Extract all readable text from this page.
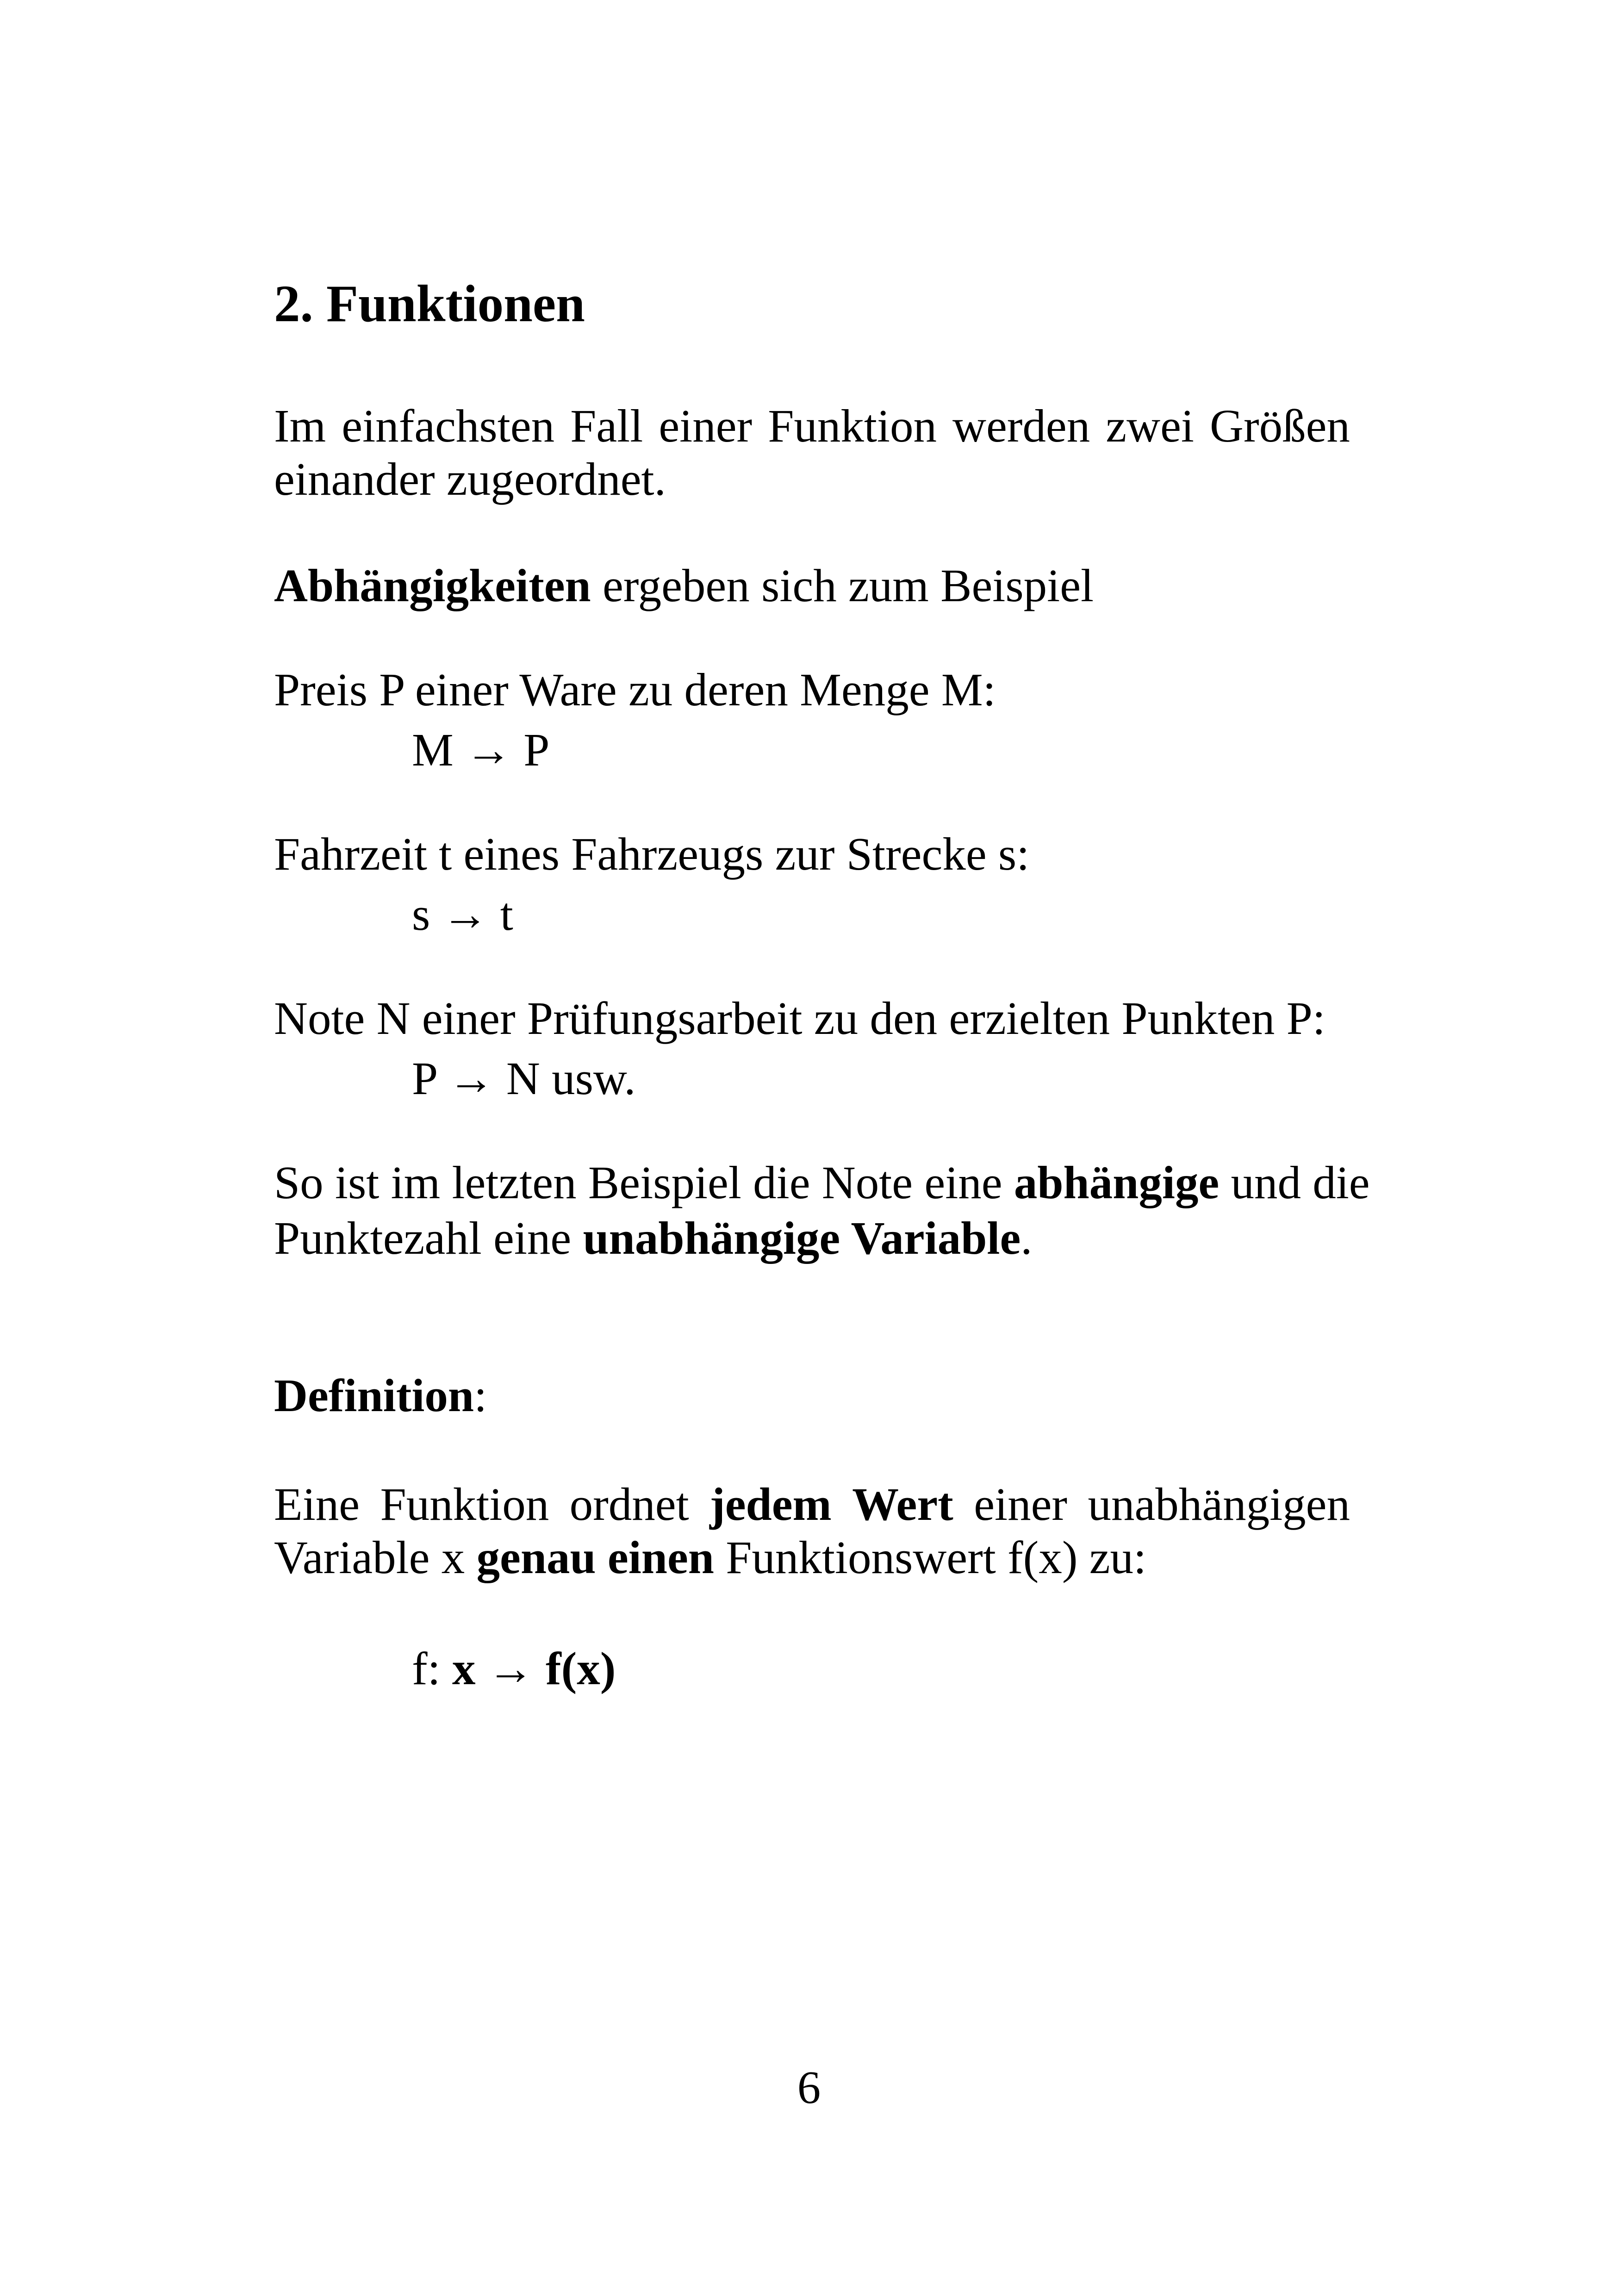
2. Funktionen
Im einfachsten Fall einer Funktion werden zwei Größen
einander zugeordnet.
Abhängigkeiten ergeben sich zum Beispiel
Preis P einer Ware zu deren Menge M:
M → P
Fahrzeit t eines Fahrzeugs zur Strecke s:
s → t
Note N einer Prüfungsarbeit zu den erzielten Punkten P:
P → N usw.
So ist im letzten Beispiel die Note eine abhängige und die
Punktezahl eine unabhängige Variable.
Definition:
Eine Funktion ordnet jedem Wert einer unabhängigen
Variable x genau einen Funktionswert f(x) zu:
f: x → f(x)
6
